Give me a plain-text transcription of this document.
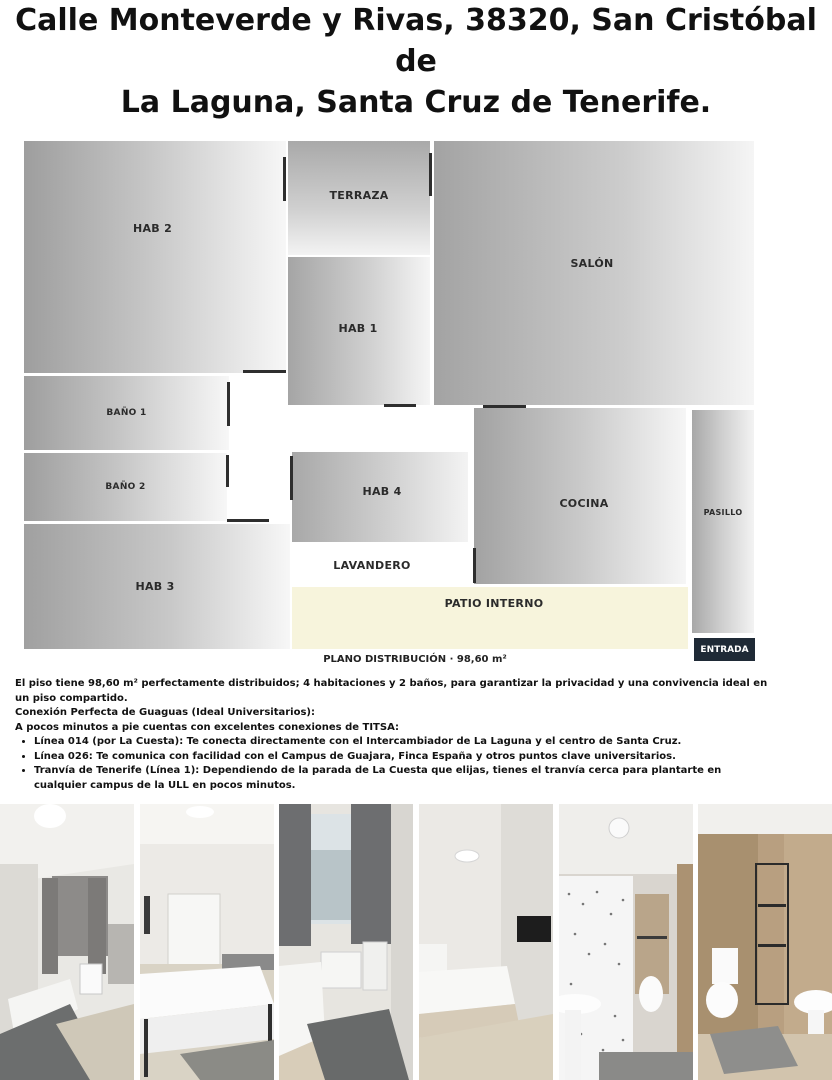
Calle Monteverde y Rivas, 38320, San Cristóbal de
La Laguna, Santa Cruz de Tenerife.
HAB 2
TERRAZA
SALÓN
HAB 1
BAÑO 1
BAÑO 2	HAB 4
COCINA
PASILLO
HAB 3
LAVANDERO
PATIO INTERNO
ENTRADA
PLANO DISTRIBUCIÓN · 98,60 m²

El piso tiene 98,60 m² perfectamente distribuidos; 4 habitaciones y 2 baños, para garantizar la privacidad y una convivencia ideal en un piso compartido.

Conexión Perfecta de Guaguas (Ideal Universitarios):

A pocos minutos a pie cuentas con excelentes conexiones de TITSA:

• Línea 014 (por La Cuesta): Te conecta directamente con el Intercambiador de La Laguna y el centro de Santa Cruz.
• Línea 026: Te comunica con facilidad con el Campus de Guajara, Finca España y otros puntos clave universitarios.
• Tranvía de Tenerife (Línea 1): Dependiendo de la parada de La Cuesta que elijas, tienes el tranvía cerca para plantarte en cualquier campus de la ULL en pocos minutos.
